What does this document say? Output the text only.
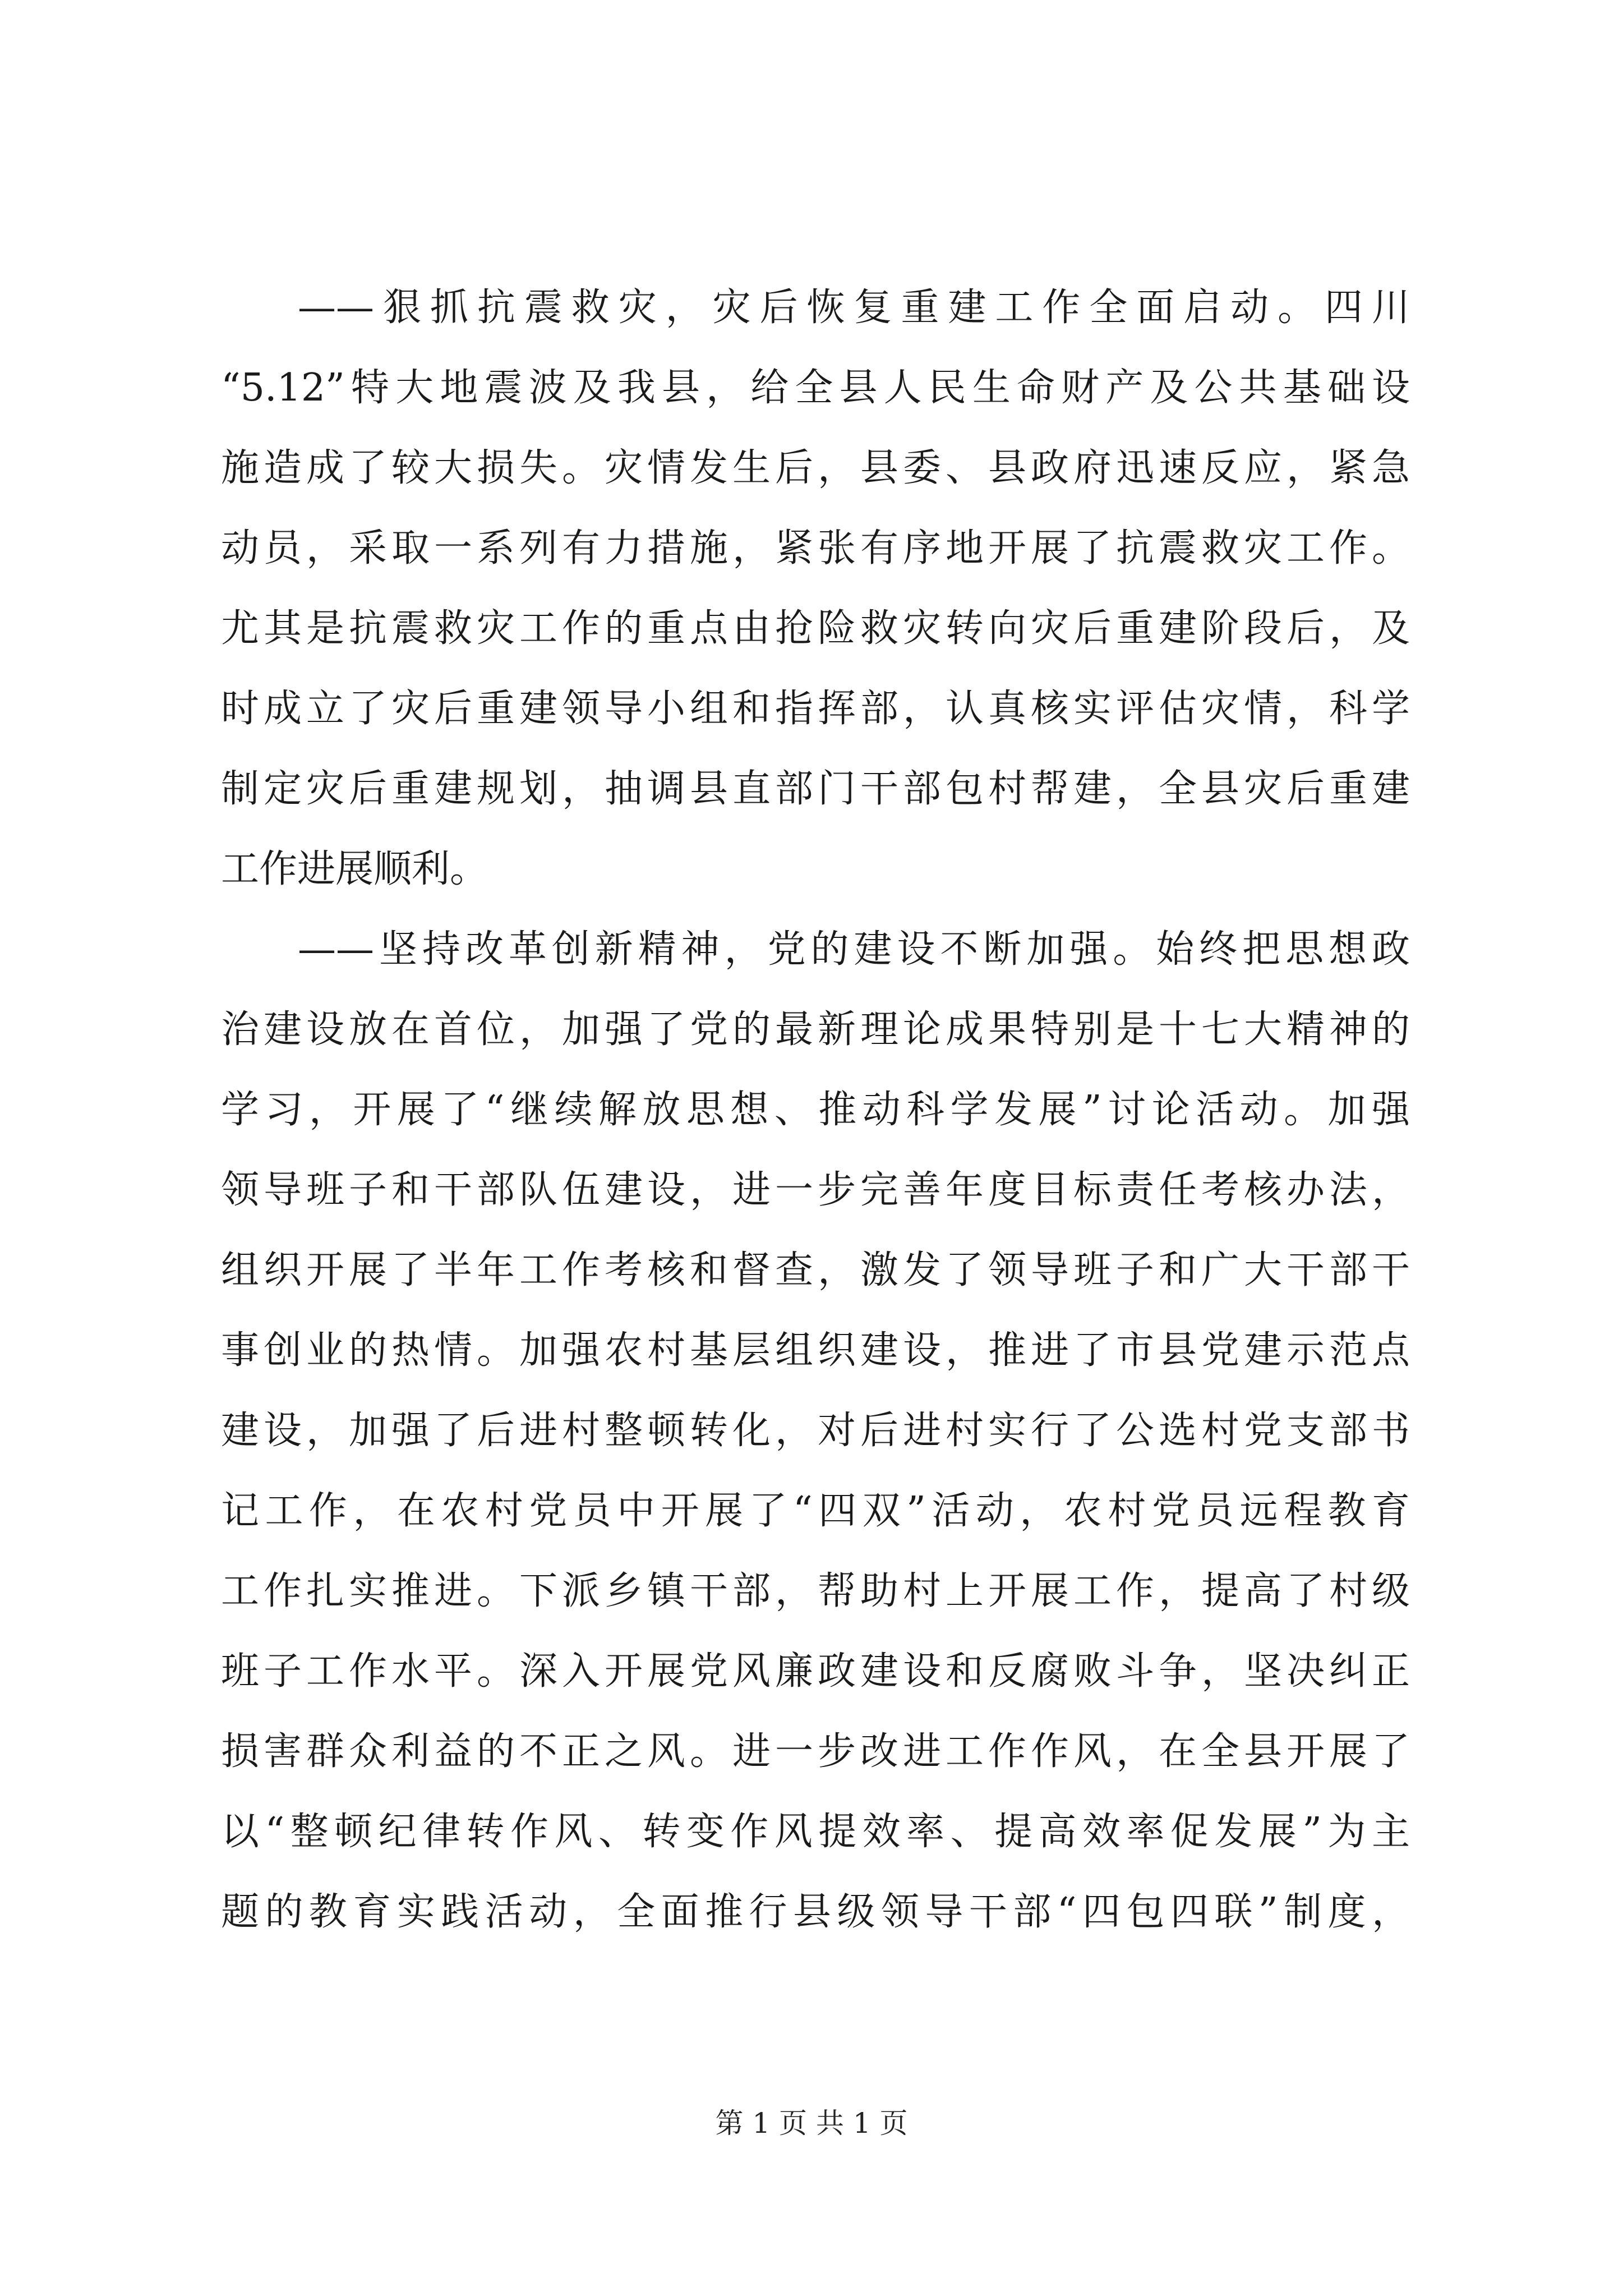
——狠抓抗震救灾，灾后恢复重建工作全面启动。四川
“5.12”特大地震波及我县，给全县人民生命财产及公共基础设
施造成了较大损失。灾情发生后，县委、县政府迅速反应，紧急
动员，采取一系列有力措施，紧张有序地开展了抗震救灾工作。
尤其是抗震救灾工作的重点由抢险救灾转向灾后重建阶段后，及
时成立了灾后重建领导小组和指挥部，认真核实评估灾情，科学
制定灾后重建规划，抽调县直部门干部包村帮建，全县灾后重建
工作进展顺利。
——坚持改革创新精神，党的建设不断加强。始终把思想政
治建设放在首位，加强了党的最新理论成果特别是十七大精神的
学习，开展了“继续解放思想、推动科学发展”讨论活动。加强
领导班子和干部队伍建设，进一步完善年度目标责任考核办法，
组织开展了半年工作考核和督查，激发了领导班子和广大干部干
事创业的热情。加强农村基层组织建设，推进了市县党建示范点
建设，加强了后进村整顿转化，对后进村实行了公选村党支部书
记工作，在农村党员中开展了“四双”活动，农村党员远程教育
工作扎实推进。下派乡镇干部，帮助村上开展工作，提高了村级
班子工作水平。深入开展党风廉政建设和反腐败斗争，坚决纠正
损害群众利益的不正之风。进一步改进工作作风，在全县开展了
以“整顿纪律转作风、转变作风提效率、提高效率促发展”为主
题的教育实践活动，全面推行县级领导干部“四包四联”制度，
第 1 页 共 1 页
